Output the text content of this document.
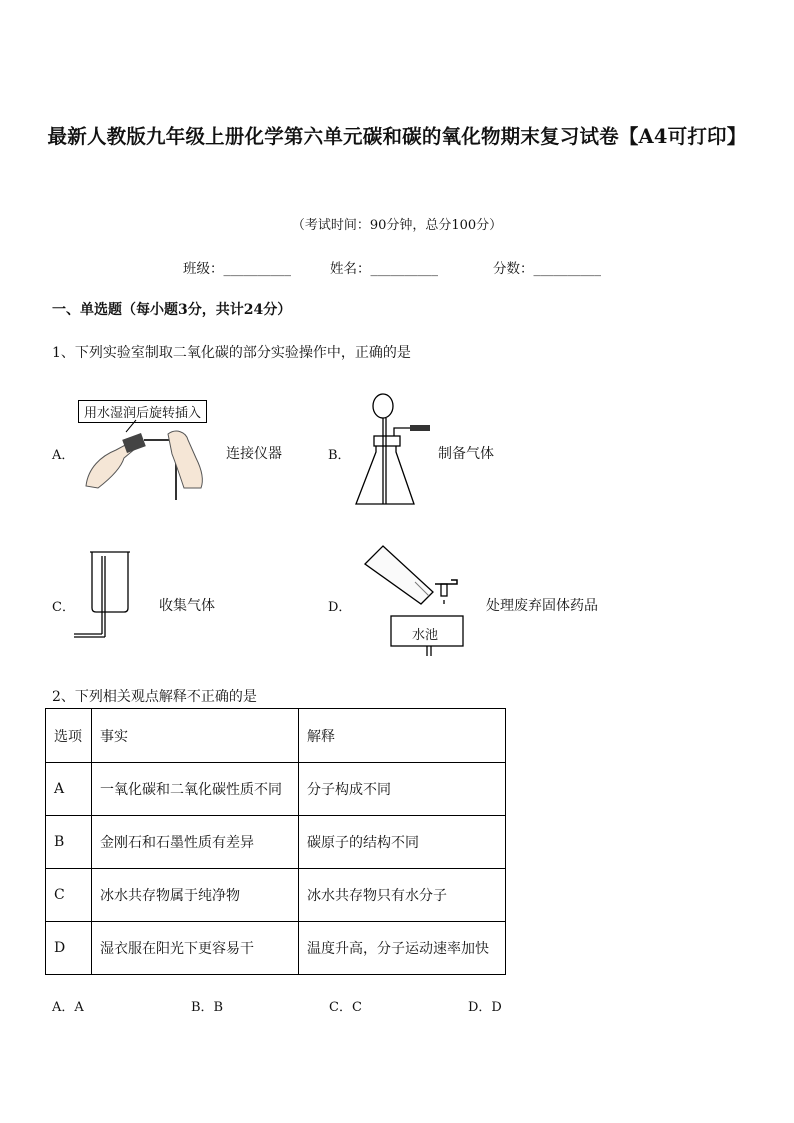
最新人教版九年级上册化学第六单元碳和碳的氧化物期末复习试卷【A4可打印】
（考试时间：90分钟，总分100分）
班级：__________	姓名：__________	分数：__________
一、单选题（每小题3分，共计24分）
1、下列实验室制取二氧化碳的部分实验操作中，正确的是
A．
用水湿润后旋转插入
连接仪器	B．	制备气体
C．	收集气体	D．
水池
处理废弃固体药品
2、下列相关观点解释不正确的是
选项	事实	解释
A	一氧化碳和二氧化碳性质不同	分子构成不同
B	金刚石和石墨性质有差异	碳原子的结构不同
C	冰水共存物属于纯净物	冰水共存物只有水分子
D	湿衣服在阳光下更容易干	温度升高，分子运动速率加快
A．A	B．B	C．C	D．D
